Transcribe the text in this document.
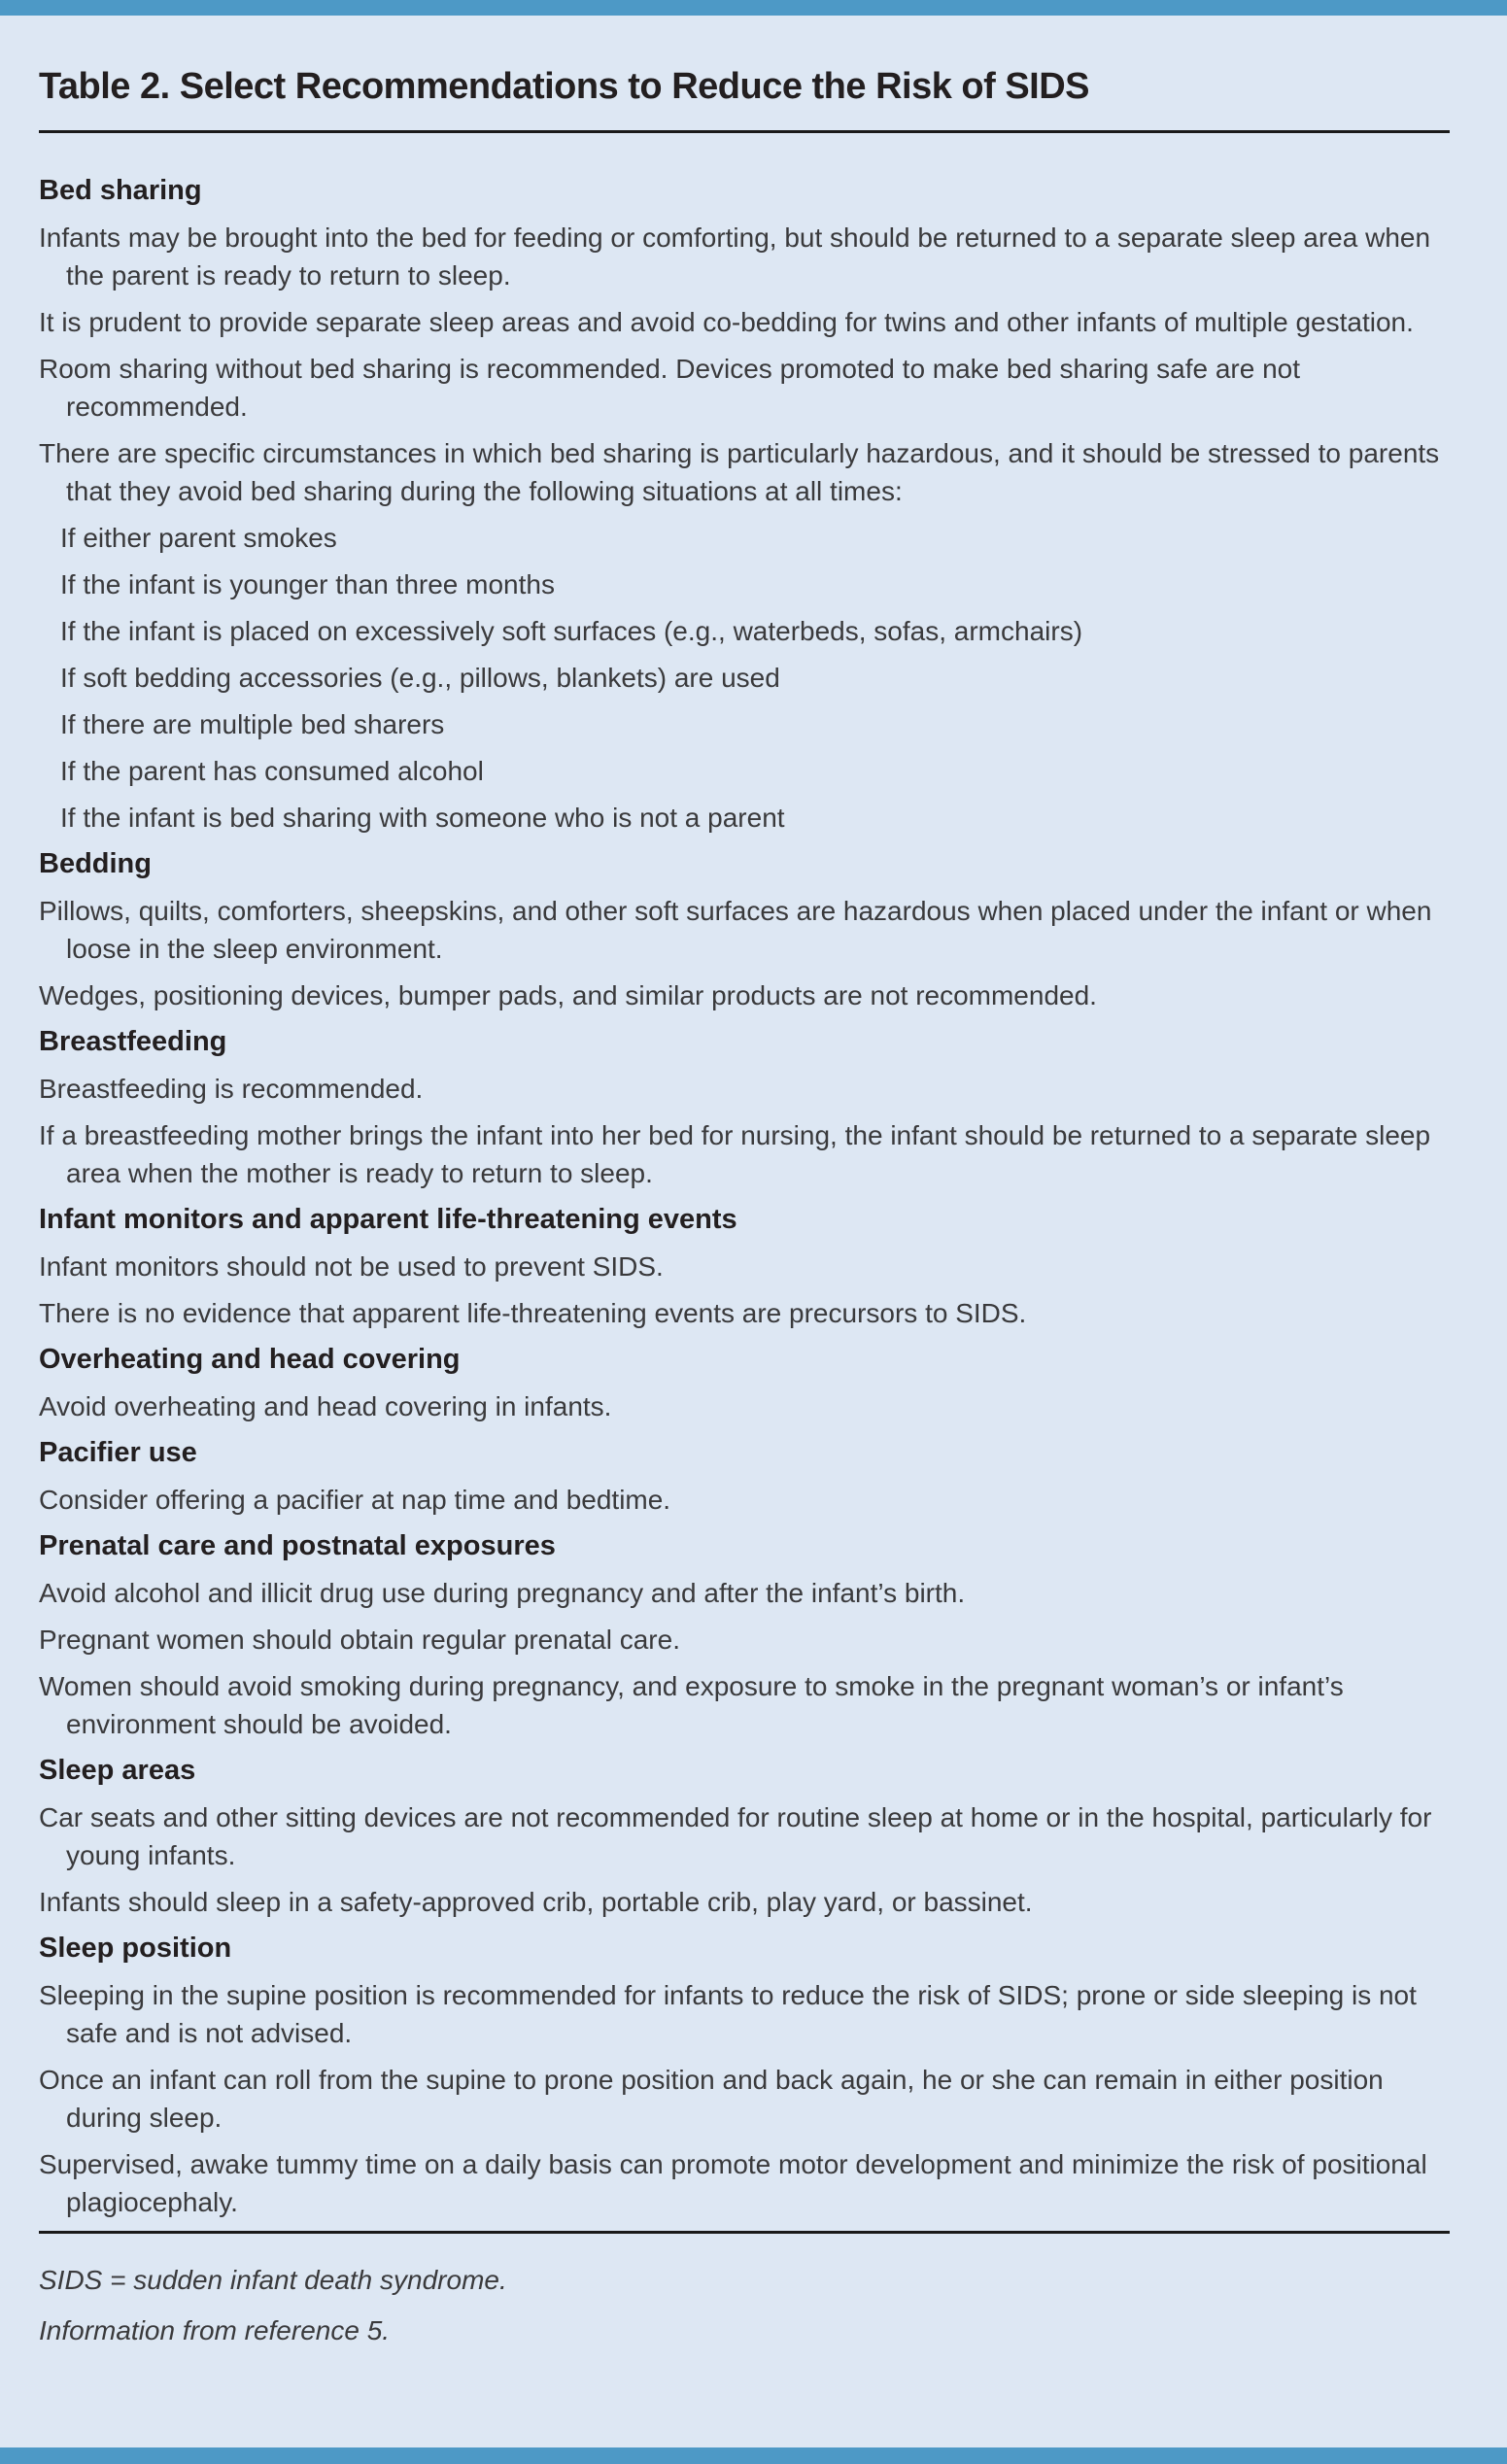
Table 2. Select Recommendations to Reduce the Risk of SIDS
Bed sharing

Infants may be brought into the bed for feeding or comforting, but should be returned to a separate sleep area when the parent is ready to return to sleep.

It is prudent to provide separate sleep areas and avoid co-bedding for twins and other infants of multiple gestation.

Room sharing without bed sharing is recommended. Devices promoted to make bed sharing safe are not recommended.

There are specific circumstances in which bed sharing is particularly hazardous, and it should be stressed to parents that they avoid bed sharing during the following situations at all times:

If either parent smokes

If the infant is younger than three months

If the infant is placed on excessively soft surfaces (e.g., waterbeds, sofas, armchairs)

If soft bedding accessories (e.g., pillows, blankets) are used

If there are multiple bed sharers

If the parent has consumed alcohol

If the infant is bed sharing with someone who is not a parent

Bedding

Pillows, quilts, comforters, sheepskins, and other soft surfaces are hazardous when placed under the infant or when loose in the sleep environment.

Wedges, positioning devices, bumper pads, and similar products are not recommended.

Breastfeeding

Breastfeeding is recommended.

If a breastfeeding mother brings the infant into her bed for nursing, the infant should be returned to a separate sleep area when the mother is ready to return to sleep.

Infant monitors and apparent life-threatening events

Infant monitors should not be used to prevent SIDS.

There is no evidence that apparent life-threatening events are precursors to SIDS.

Overheating and head covering

Avoid overheating and head covering in infants.

Pacifier use

Consider offering a pacifier at nap time and bedtime.

Prenatal care and postnatal exposures

Avoid alcohol and illicit drug use during pregnancy and after the infant’s birth.

Pregnant women should obtain regular prenatal care.

Women should avoid smoking during pregnancy, and exposure to smoke in the pregnant woman’s or infant’s environment should be avoided.

Sleep areas

Car seats and other sitting devices are not recommended for routine sleep at home or in the hospital, particularly for young infants.

Infants should sleep in a safety-approved crib, portable crib, play yard, or bassinet.

Sleep position

Sleeping in the supine position is recommended for infants to reduce the risk of SIDS; prone or side sleeping is not safe and is not advised.

Once an infant can roll from the supine to prone position and back again, he or she can remain in either position during sleep.

Supervised, awake tummy time on a daily basis can promote motor development and minimize the risk of positional plagiocephaly.

SIDS = sudden infant death syndrome.

Information from reference 5.
